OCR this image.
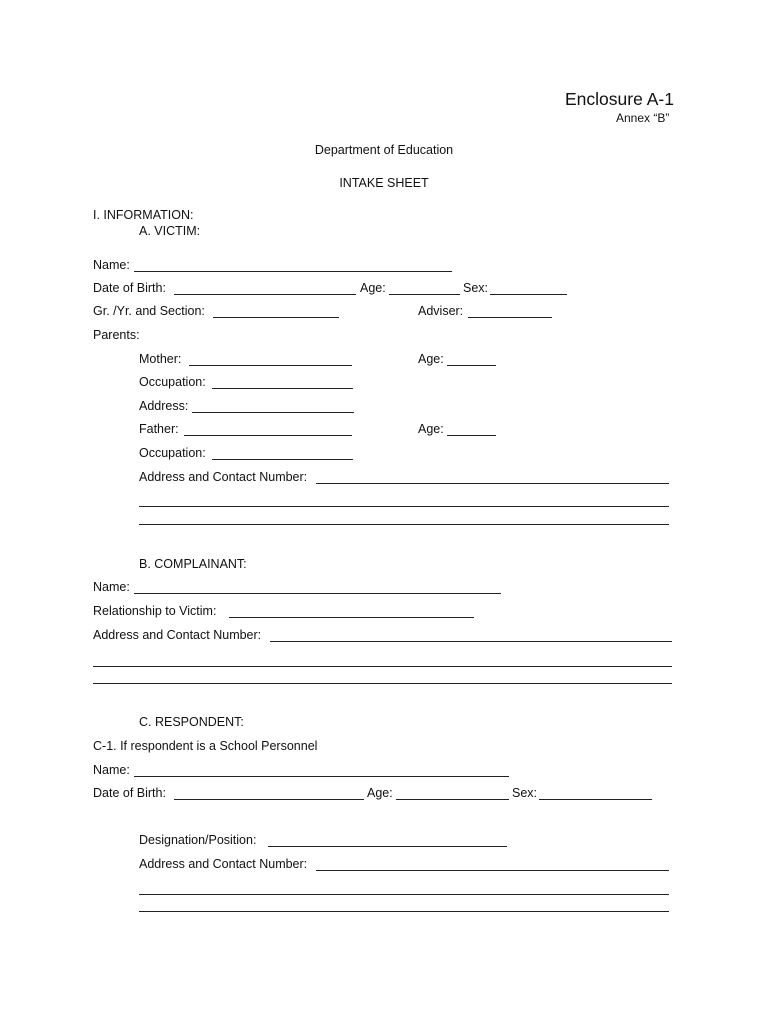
Enclosure A-1
Annex “B”
Department of Education
INTAKE SHEET
I. INFORMATION:
A. VICTIM:
Name:
Date of Birth:	Age:	Sex:
Gr. /Yr. and Section:	Adviser:
Parents:
Mother:	Age:
Occupation:
Address:
Father:	Age:
Occupation:
Address and Contact Number:
B. COMPLAINANT:
Name:
Relationship to Victim:
Address and Contact Number:
C. RESPONDENT:
C-1. If respondent is a School Personnel
Name:
Date of Birth:	Age:	Sex:
Designation/Position:
Address and Contact Number:
